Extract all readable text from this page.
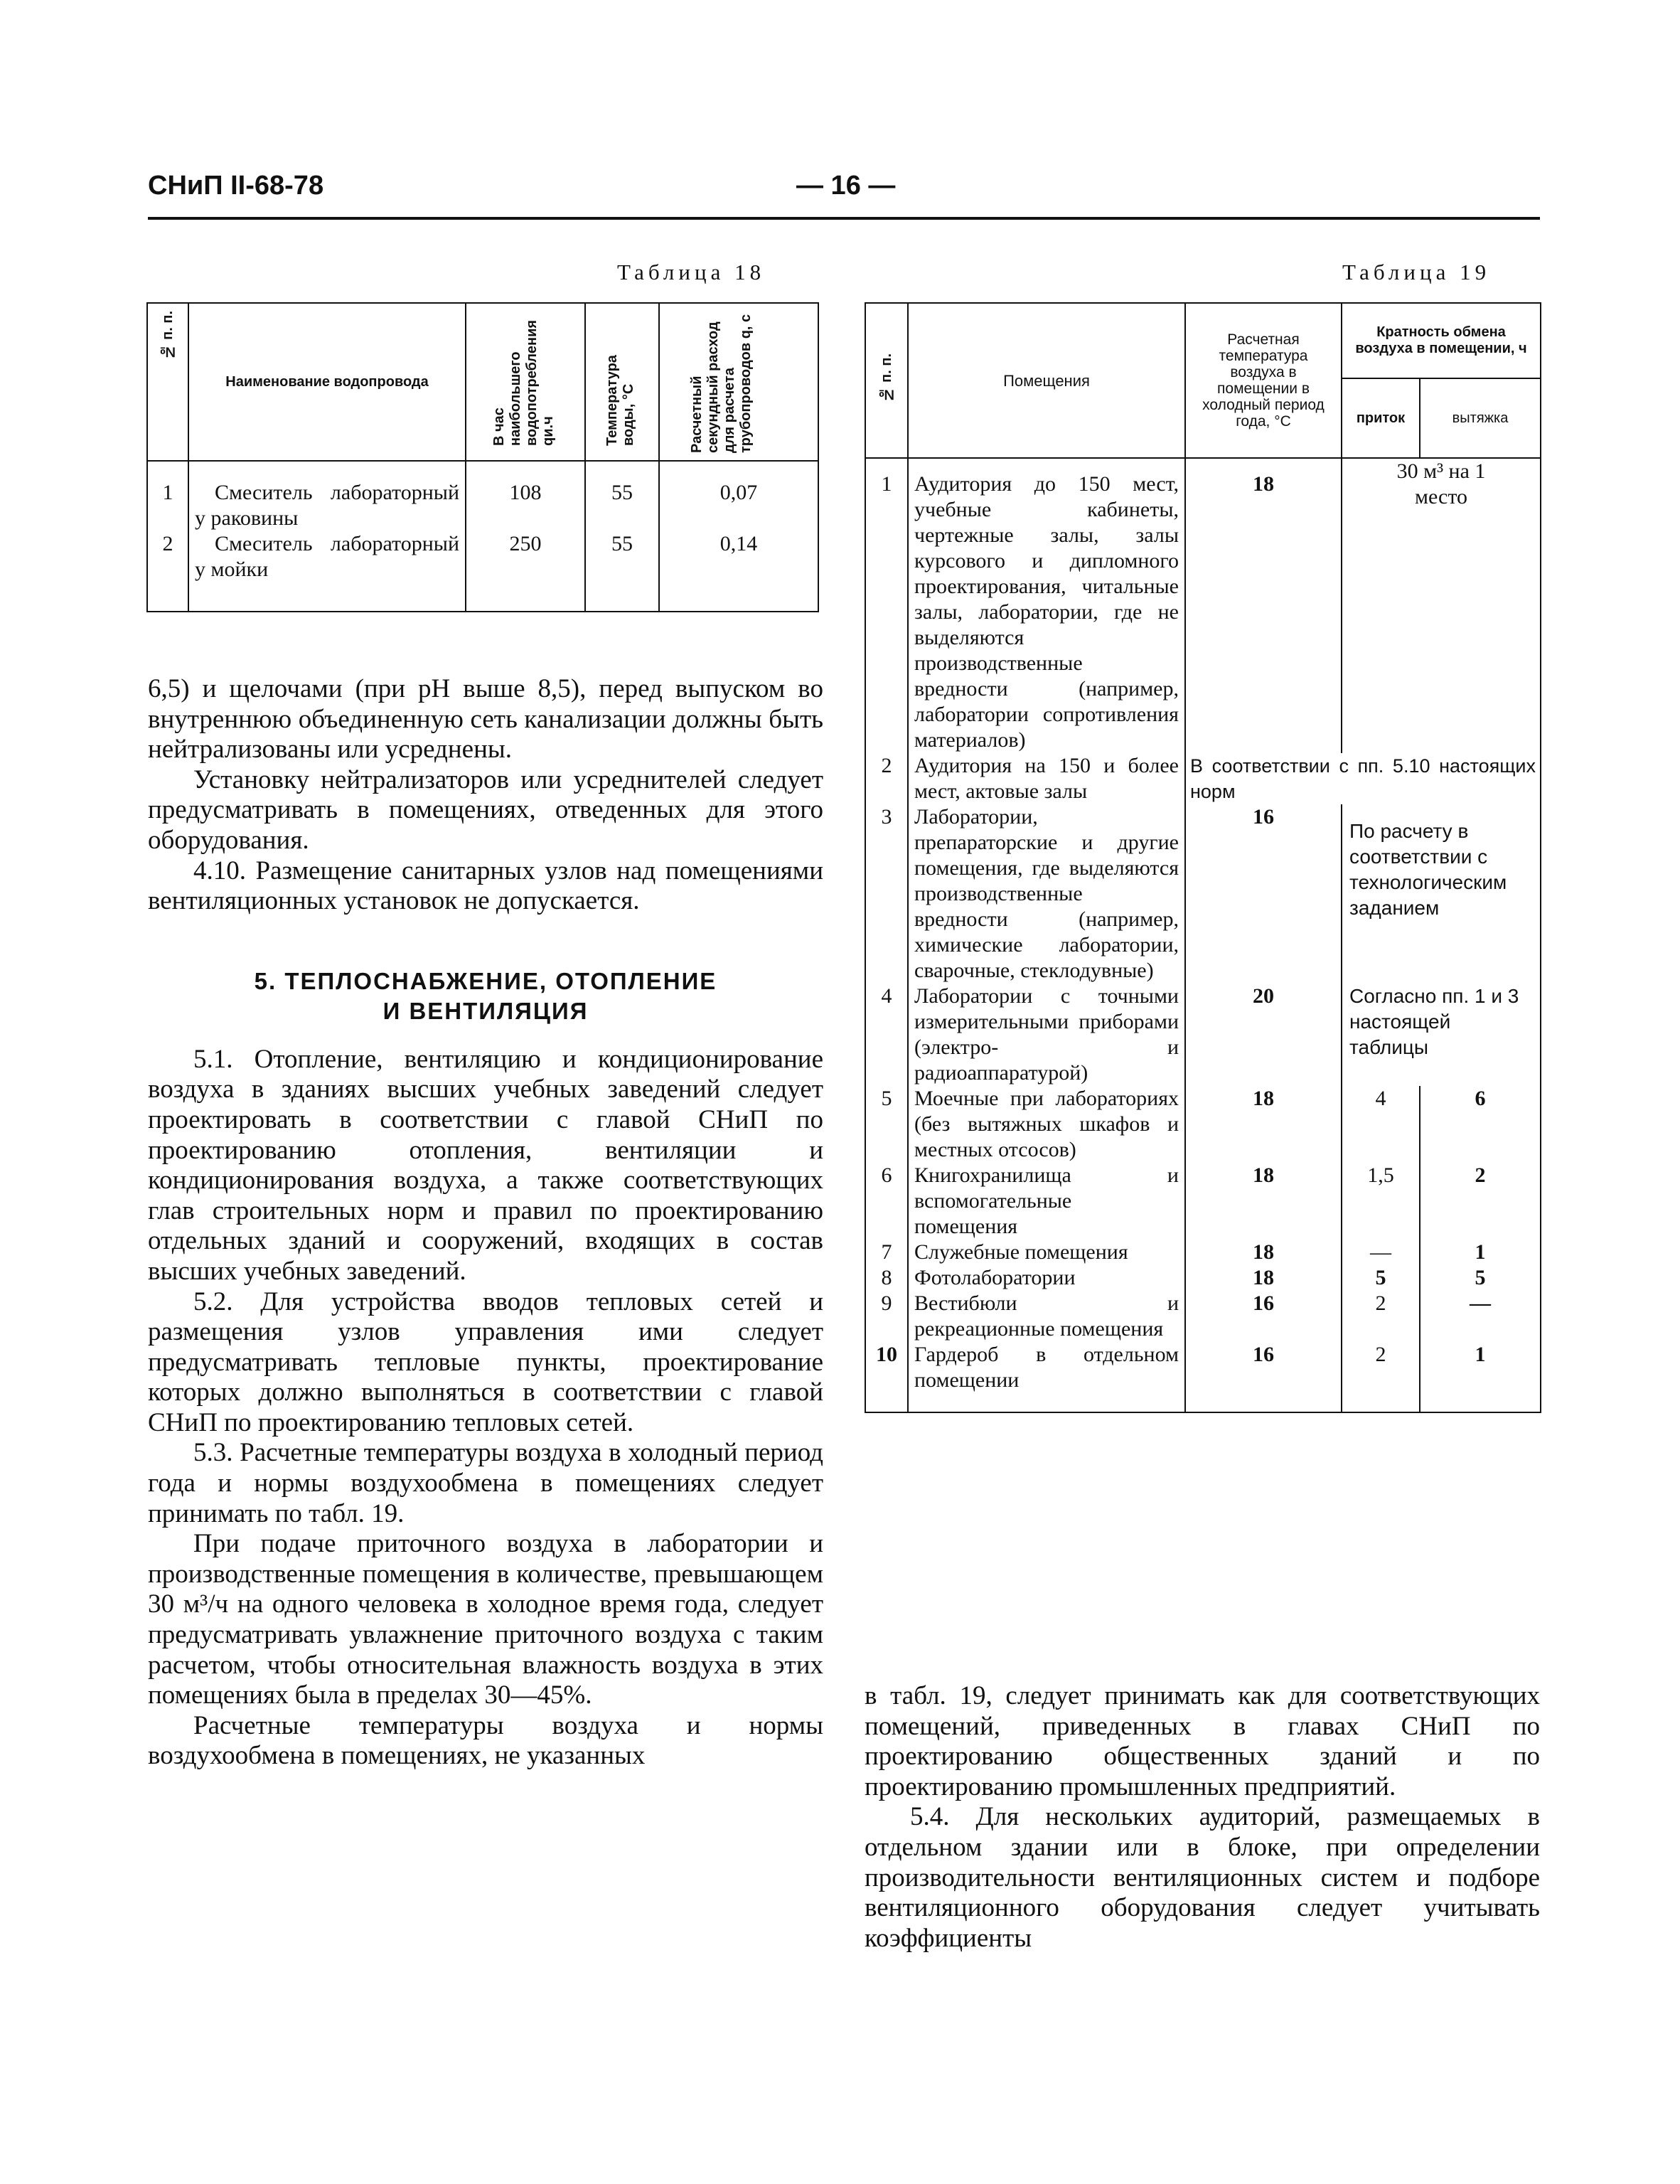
СНиП II-68-78	— 16 —
Таблица 18	Таблица 19
№ п. п.	Наименование водопровода	В час наибольшего водопотребления qи.ч	Температура воды, °С	Расчетный секундный расход для расчета трубопроводов q, с

1	Смеситель лабораторный у раковины	108	55	0,07
2	Смеситель лабораторный у мойки	250	55	0,14
№ п. п.	Помещения	Расчетная температура воздуха в помещении в холодный период года, °С	Кратность обмена воздуха в помещении, ч	

			приток	вытяжка

1	Аудитория до 150 мест, учебные кабинеты, чертежные залы, залы курсового и дипломного проектирования, читальные залы, лаборатории, где не выделяются производственные вредности (например, лаборатории сопротивления материалов)	18	30 м³ на 1 место	
2	Аудитория на 150 и более мест, актовые залы	В соответствии с пп. 5.10 настоящих норм		
3	Лаборатории, препараторские и другие помещения, где выделяются производственные вредности (например, химические лаборатории, сварочные, стеклодувные)	16	По расчету в соответствии с технологическим заданием	
4	Лаборатории с точными измерительными приборами (электро- и радиоаппаратурой)	20	Согласно пп. 1 и 3 настоящей таблицы	
5	Моечные при лабораториях (без вытяжных шкафов и местных отсосов)	18	4	6
6	Книгохранилища и вспомогательные помещения	18	1,5	2
7	Служебные помещения	18	—	1
8	Фотолаборатории	18	5	5
9	Вестибюли и рекреационные помещения	16	2	—
10	Гардероб в отдельном помещении	16	2	1

6,5) и щелочами (при pH выше 8,5), перед выпуском во внутреннюю объединенную сеть канализации должны быть нейтрализованы или усреднены.

Установку нейтрализаторов или усреднителей следует предусматривать в помещениях, отведенных для этого оборудования.

4.10. Размещение санитарных узлов над помещениями вентиляционных установок не допускается.

5. ТЕПЛОСНАБЖЕНИЕ, ОТОПЛЕНИЕ
И ВЕНТИЛЯЦИЯ

5.1. Отопление, вентиляцию и кондиционирование воздуха в зданиях высших учебных заведений следует проектировать в соответствии с главой СНиП по проектированию отопления, вентиляции и кондиционирования воздуха, а также соответствующих глав строительных норм и правил по проектированию отдельных зданий и сооружений, входящих в состав высших учебных заведений.

5.2. Для устройства вводов тепловых сетей и размещения узлов управления ими следует предусматривать тепловые пункты, проектирование которых должно выполняться в соответствии с главой СНиП по проектированию тепловых сетей.

5.3. Расчетные температуры воздуха в холодный период года и нормы воздухообмена в помещениях следует принимать по табл. 19.

При подаче приточного воздуха в лаборатории и производственные помещения в количестве, превышающем 30 м³/ч на одного человека в холодное время года, следует предусматривать увлажнение приточного воздуха с таким расчетом, чтобы относительная влажность воздуха в этих помещениях была в пределах 30—45%.

Расчетные температуры воздуха и нормы воздухообмена в помещениях, не указанных

в табл. 19, следует принимать как для соответствующих помещений, приведенных в главах СНиП по проектированию общественных зданий и по проектированию промышленных предприятий.

5.4. Для нескольких аудиторий, размещаемых в отдельном здании или в блоке, при определении производительности вентиляционных систем и подборе вентиляционного оборудования следует учитывать коэффициенты
